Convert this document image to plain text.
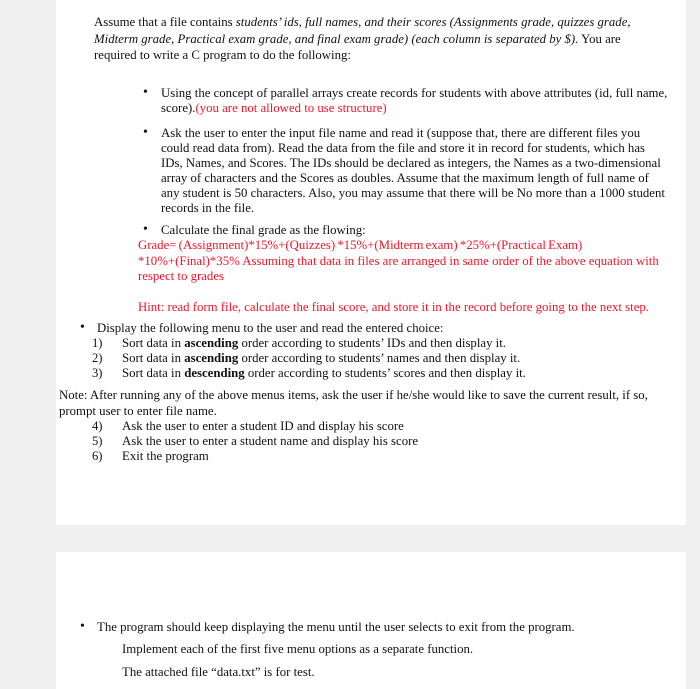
Assume that a file contains students’ ids, full names, and their scores (Assignments grade, quizzes grade,
Midterm grade, Practical exam grade, and final exam grade) (each column is separated by $). You are
required to write a C program to do the following:
• Using the concept of parallel arrays create records for students with above attributes (id, full name,
score).(you are not allowed to use structure)
• Ask the user to enter the input file name and read it (suppose that, there are different files you
could read data from). Read the data from the file and store it in record for students, which has
IDs, Names, and Scores. The IDs should be declared as integers, the Names as a two-dimensional
array of characters and the Scores as doubles. Assume that the maximum length of full name of
any student is 50 characters. Also, you may assume that there will be No more than a 1000 student
records in the file.
• Calculate the final grade as the flowing:
Grade= (Assignment)*15%+(Quizzes) *15%+(Midterm exam) *25%+(Practical Exam)
*10%+(Final)*35% Assuming that data in files are arranged in same order of the above equation with
respect to grades
Hint: read form file, calculate the final score, and store it in the record before going to the next step.
• Display the following menu to the user and read the entered choice:
1) Sort data in ascending order according to students’ IDs and then display it.
2) Sort data in ascending order according to students’ names and then display it.
3) Sort data in descending order according to students’ scores and then display it.
Note: After running any of the above menus items, ask the user if he/she would like to save the current result, if so,
prompt user to enter file name.
4) Ask the user to enter a student ID and display his score
5) Ask the user to enter a student name and display his score
6) Exit the program
• The program should keep displaying the menu until the user selects to exit from the program.
Implement each of the first five menu options as a separate function.
The attached file “data.txt” is for test.
